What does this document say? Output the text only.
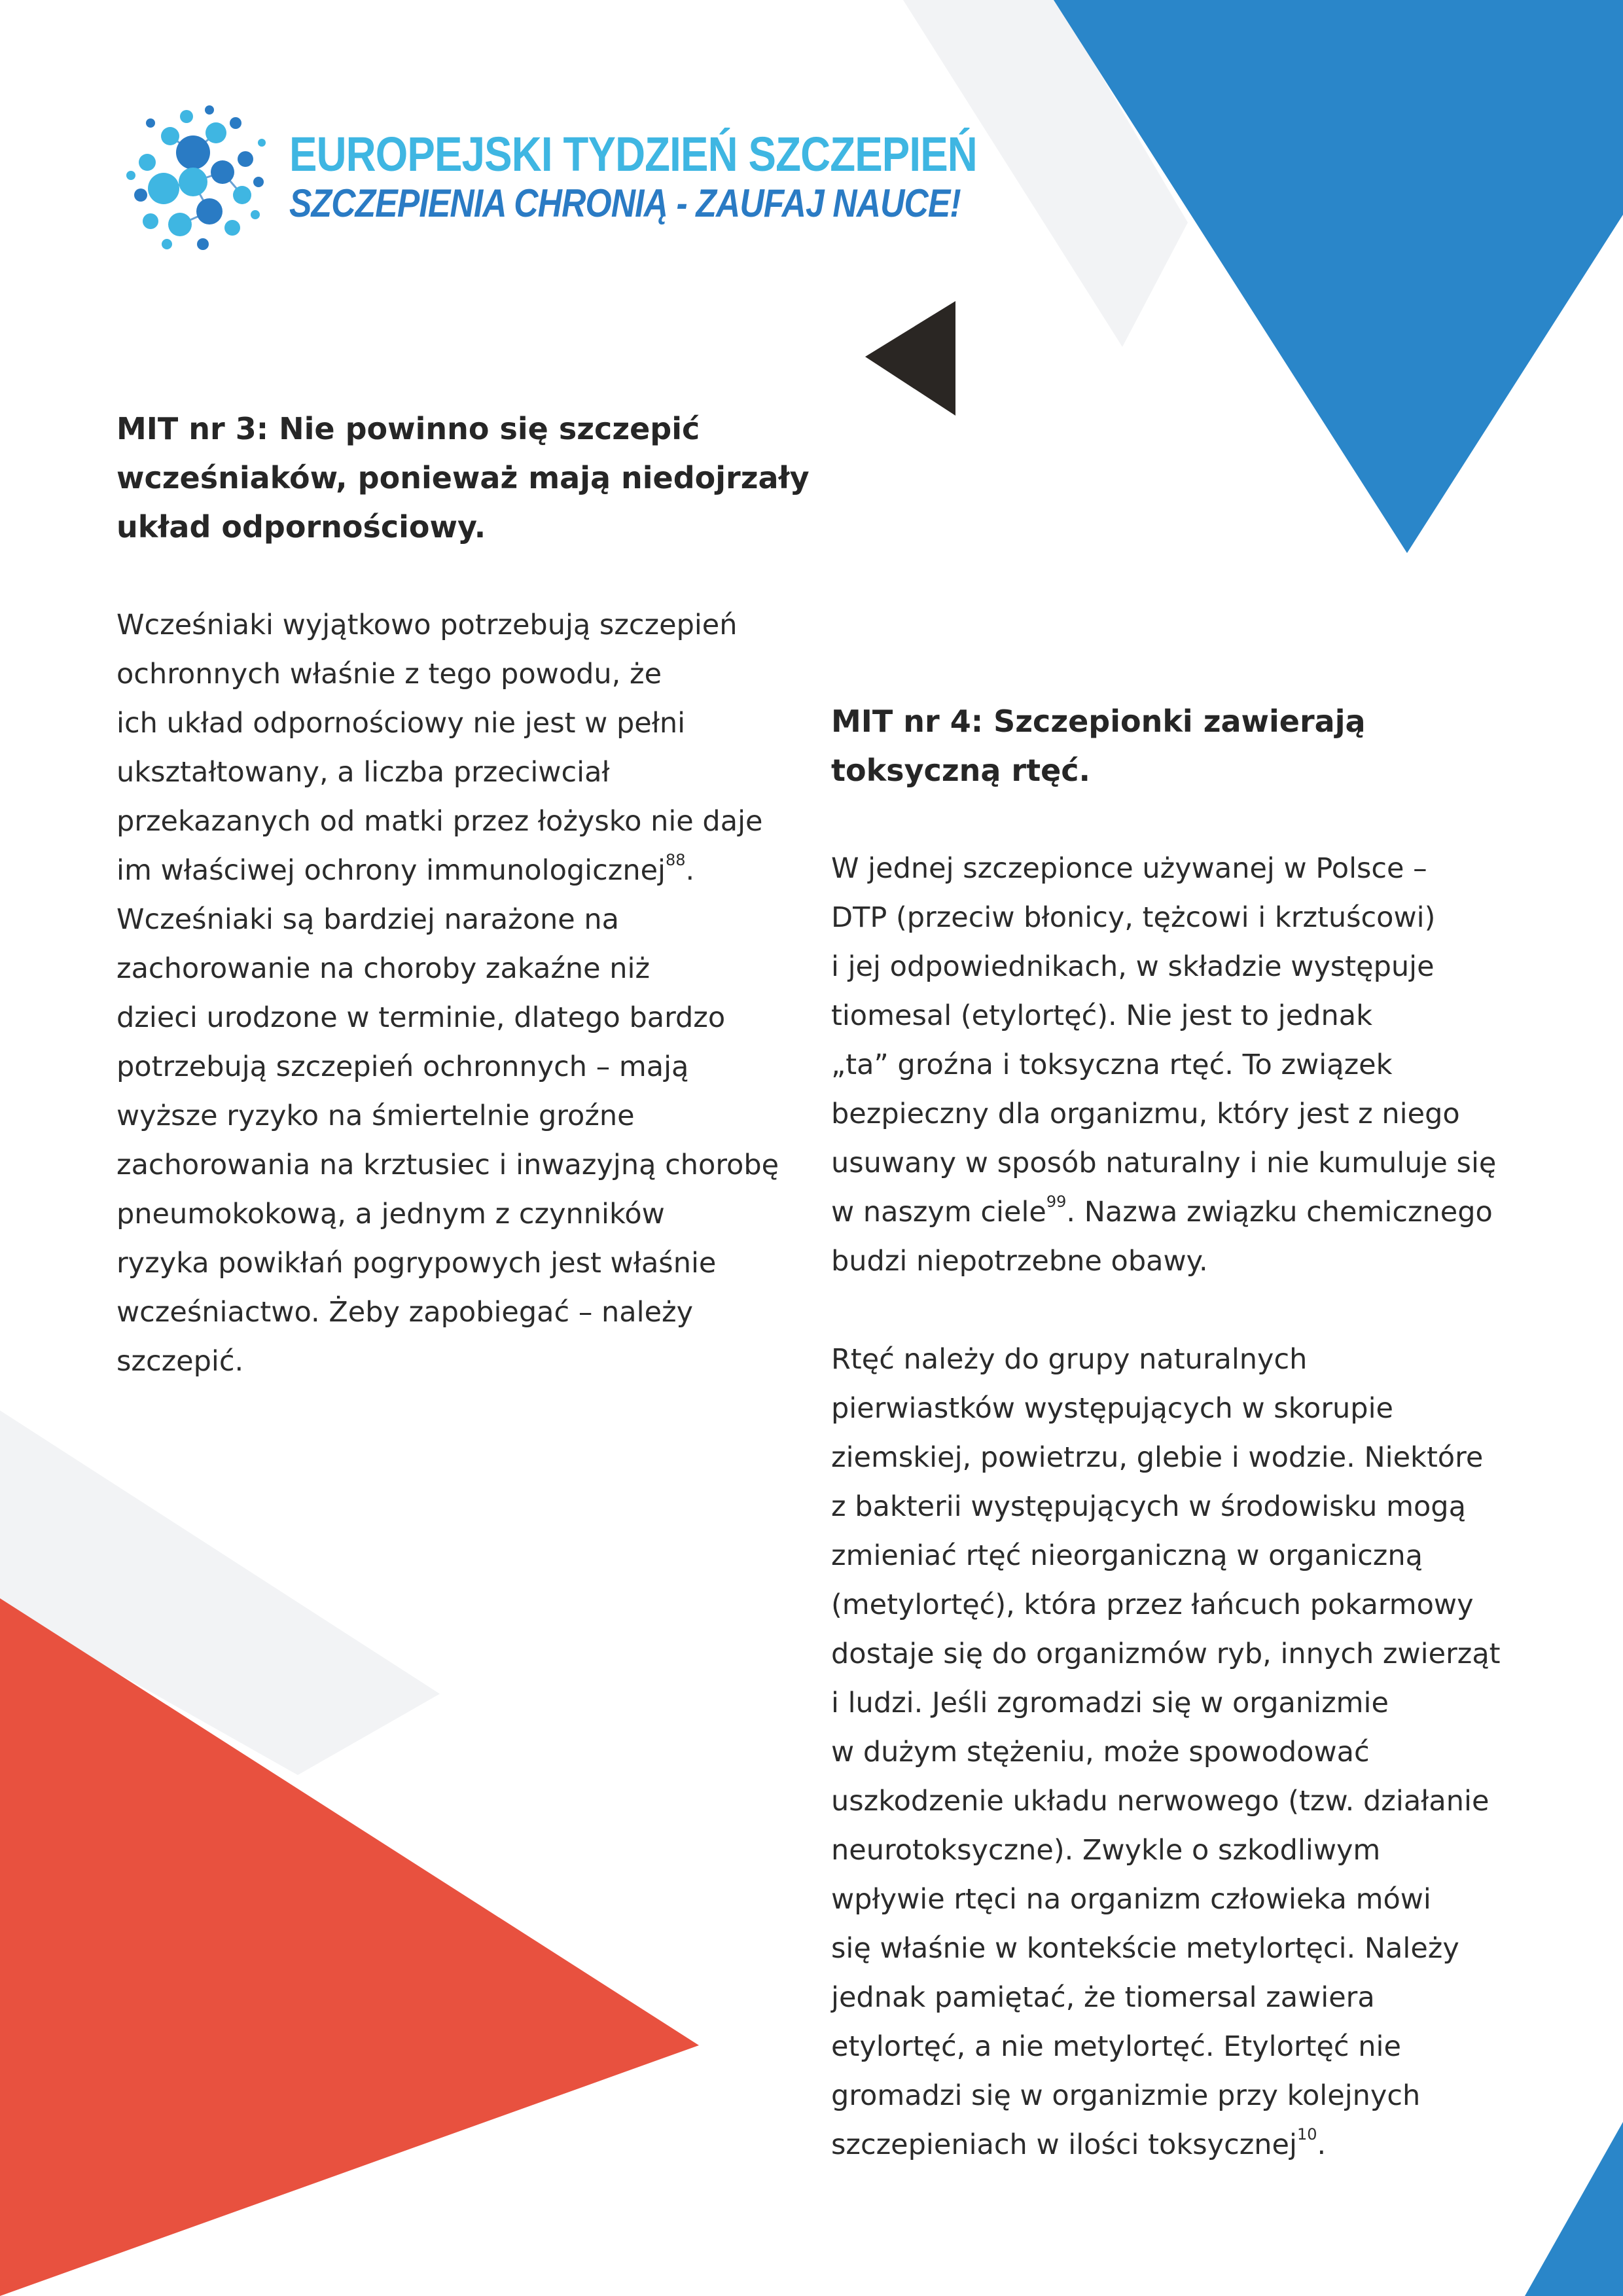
EUROPEJSKI TYDZIEŃ SZCZEPIEŃ
SZCZEPIENIA CHRONIĄ - ZAUFAJ NAUCE!

MIT nr 3: Nie powinno się szczepić

wcześniaków, ponieważ mają niedojrzały

układ odpornościowy.

Wcześniaki wyjątkowo potrzebują szczepień

ochronnych właśnie z tego powodu, że

ich układ odpornościowy nie jest w pełni

ukształtowany, a liczba przeciwciał

przekazanych od matki przez łożysko nie daje

im właściwej ochrony immunologicznej$^{88}$.

Wcześniaki są bardziej narażone na

zachorowanie na choroby zakaźne niż

dzieci urodzone w terminie, dlatego bardzo

potrzebują szczepień ochronnych – mają

wyższe ryzyko na śmiertelnie groźne

zachorowania na krztusiec i inwazyjną chorobę

pneumokokową, a jednym z czynników

ryzyka powikłań pogrypowych jest właśnie

wcześniactwo. Żeby zapobiegać – należy

szczepić.

MIT nr 4: Szczepionki zawierają

toksyczną rtęć.

W jednej szczepionce używanej w Polsce –

DTP (przeciw błonicy, tężcowi i krztuścowi)

i jej odpowiednikach, w składzie występuje

tiomesal (etylortęć). Nie jest to jednak

„ta” groźna i toksyczna rtęć. To związek

bezpieczny dla organizmu, który jest z niego

usuwany w sposób naturalny i nie kumuluje się

w naszym ciele$^{99}$. Nazwa związku chemicznego

budzi niepotrzebne obawy.

Rtęć należy do grupy naturalnych

pierwiastków występujących w skorupie

ziemskiej, powietrzu, glebie i wodzie. Niektóre

z bakterii występujących w środowisku mogą

zmieniać rtęć nieorganiczną w organiczną

(metylortęć), która przez łańcuch pokarmowy

dostaje się do organizmów ryb, innych zwierząt

i ludzi. Jeśli zgromadzi się w organizmie

w dużym stężeniu, może spowodować

uszkodzenie układu nerwowego (tzw. działanie

neurotoksyczne). Zwykle o szkodliwym

wpływie rtęci na organizm człowieka mówi

się właśnie w kontekście metylortęci. Należy

jednak pamiętać, że tiomersal zawiera

etylortęć, a nie metylortęć. Etylortęć nie

gromadzi się w organizmie przy kolejnych

szczepieniach w ilości toksycznej$^{10}$.
